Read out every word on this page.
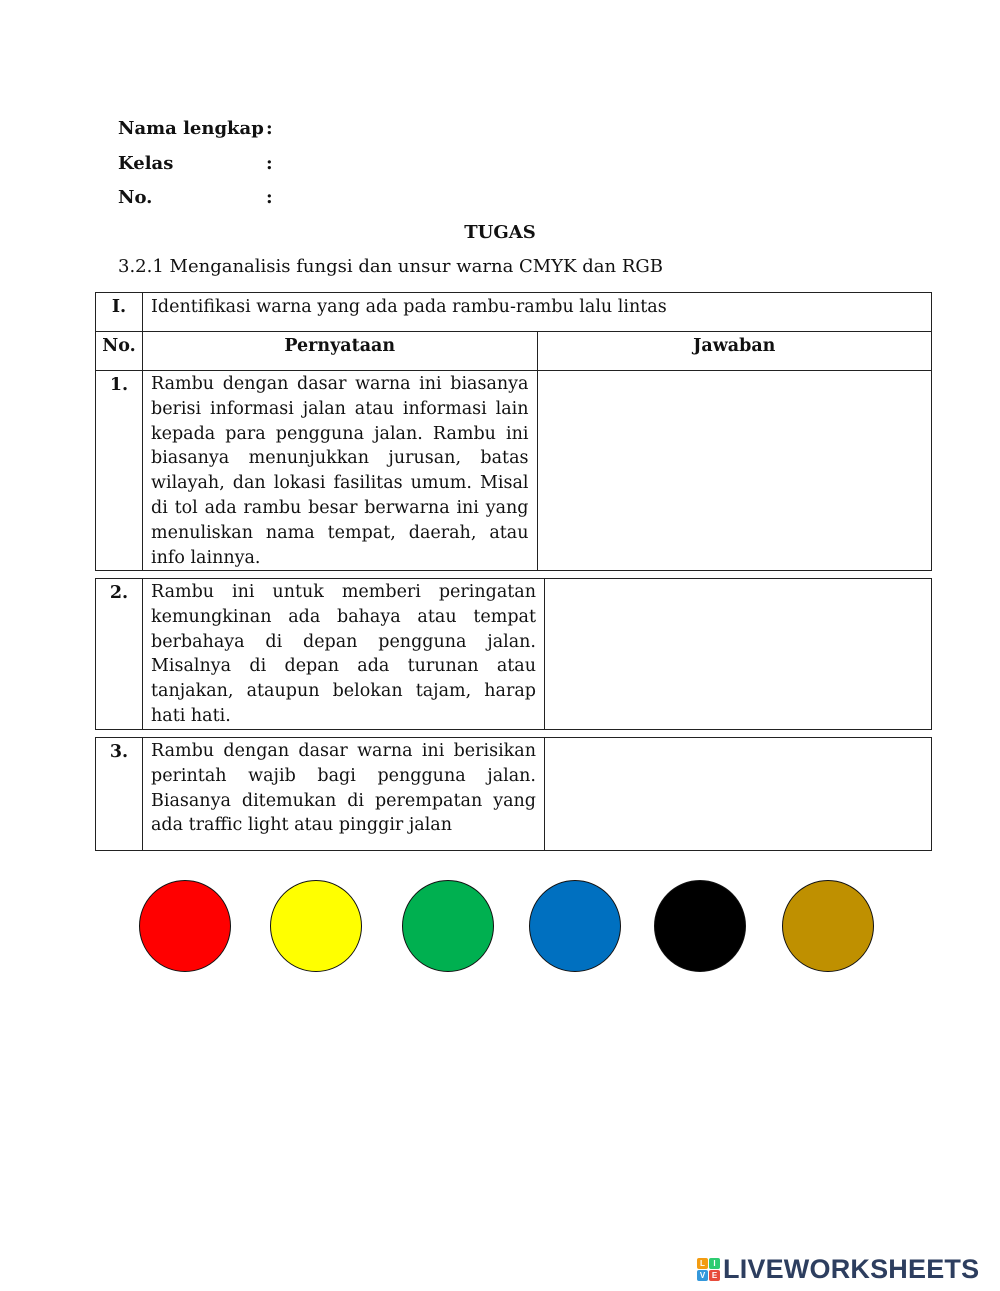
Nama lengkap :
Kelas	:
No.	:
TUGAS
3.2.1 Menganalisis fungsi dan unsur warna CMYK dan RGB
I.	Identifikasi warna yang ada pada rambu-rambu lalu lintas	

No.	Pernyataan	Jawaban
1.	Rambu dengan dasar warna ini biasanya berisi informasi jalan atau informasi lain kepada para pengguna jalan. Rambu ini biasanya menunjukkan jurusan, batas wilayah, dan lokasi fasilitas umum. Misal di tol ada rambu besar berwarna ini yang menuliskan nama tempat, daerah, atau info lainnya.	

2.	Rambu ini untuk memberi peringatan kemungkinan ada bahaya atau tempat berbahaya di depan pengguna jalan. Misalnya di depan ada turunan atau tanjakan, ataupun belokan tajam, harap hati hati.

3.	Rambu dengan dasar warna ini berisikan perintah wajib bagi pengguna jalan. Biasanya ditemukan di perempatan yang ada traffic light atau pinggir jalan

L	I
V E LIVEWORKSHEETS
